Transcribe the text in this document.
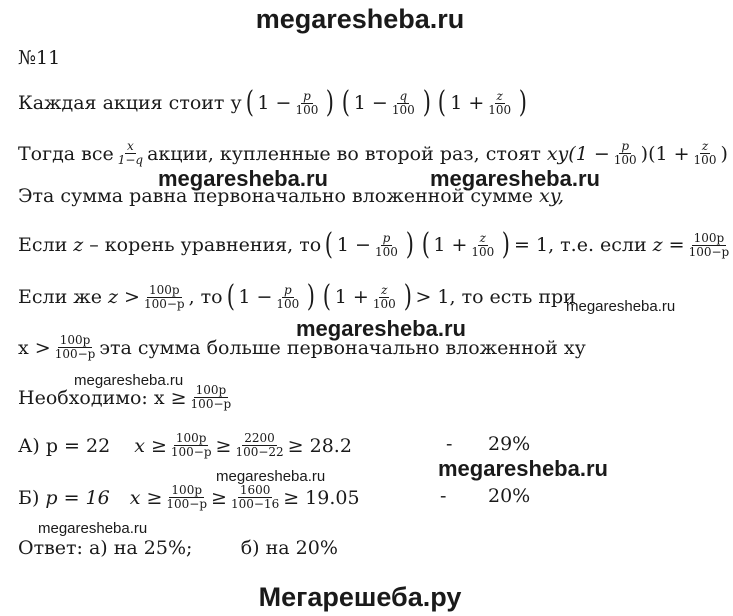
megaresheba.ru
№11
Каждая акция стоит у ( $1 - \frac{p}{100}$ ) ( $1 - \frac{q}{100}$ ) ( $1 + \frac{z}{100}$ )
Тогда все $\frac{x}{1-q}$ акции, купленные во второй раз, стоят $xy(1 - \frac{p}{100} )(1 + \frac{z}{100}$ )
Эта сумма равна первоначально вложенной сумме xy,
Если z – корень уравнения, то ( $1 - \frac{p}{100}$ ) ( $1 + \frac{z}{100}$ ) = 1, т.е. если $z = \frac{100p}{100-p}$
Если же $z > \frac{100p}{100-p}$ , то ( $1 - \frac{p}{100}$ ) ( $1 + \frac{z}{100}$ ) > 1, то есть при
$x > \frac{100p}{100-p}$ эта сумма больше первоначально вложенной ху
Необходимо: $x \ge \frac{100p}{100-p}$
А) p = 22 $x \ge \frac{100p}{100-p} \ge \frac{2200}{100-22} \ge 28.2$	- 29%
Б) p = 16 $x \ge \frac{100p}{100-p} \ge \frac{1600}{100-16} \ge 19.05$	- 20%
Ответ: а) на 25%;        б) на 20%
megaresheba.ru	megaresheba.ru
megaresheba.ru
megaresheba.ru
megaresheba.ru
megaresheba.ru	megaresheba.ru
megaresheba.ru
Мегарешеба.ру
